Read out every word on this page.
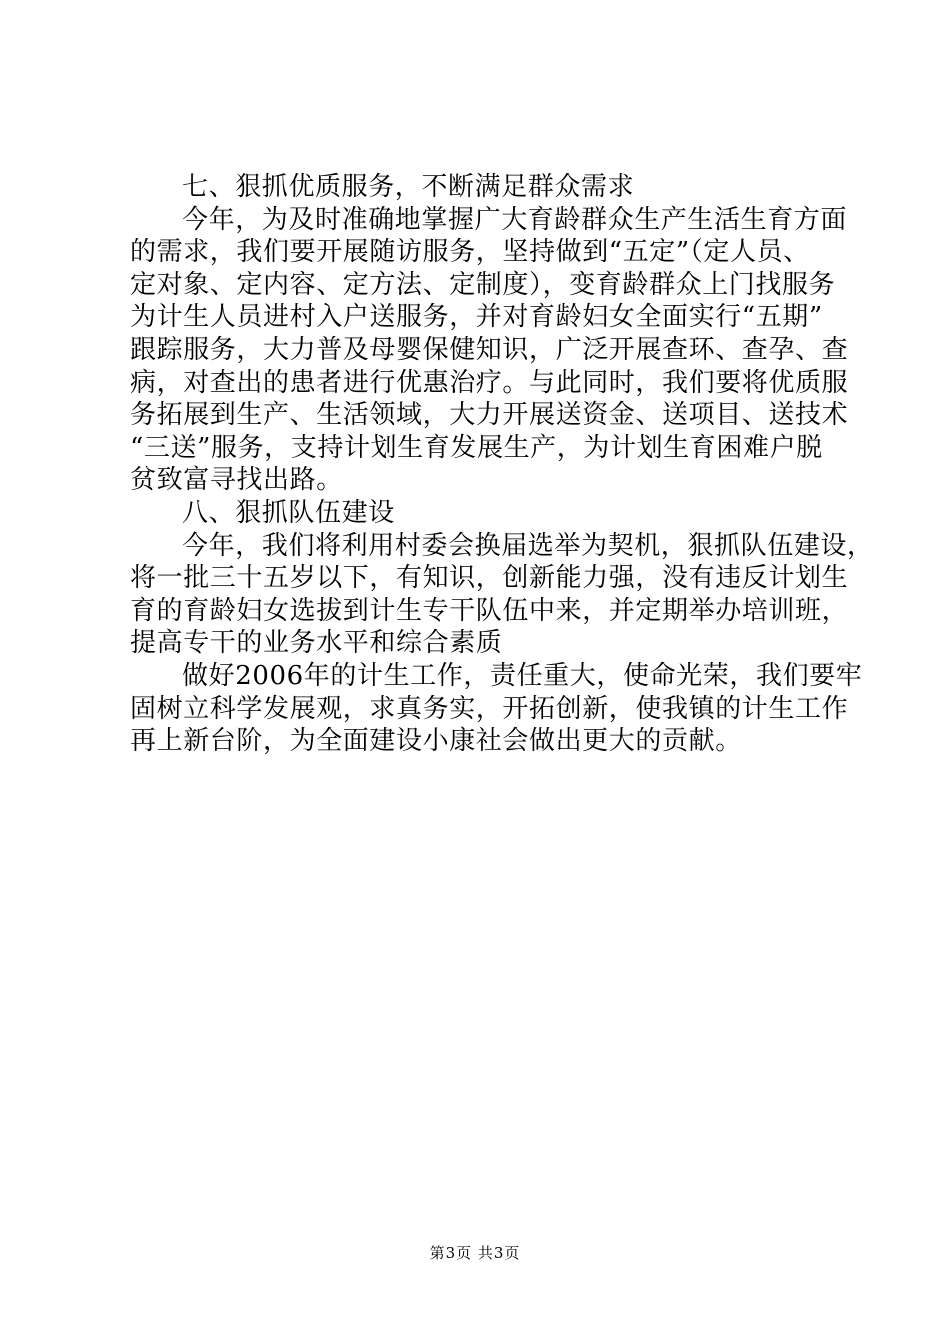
七、狠抓优质服务，不断满足群众需求
今年，为及时准确地掌握广大育龄群众生产生活生育方面
的需求，我们要开展随访服务，坚持做到“五定”（定人员、
定对象、定内容、定方法、定制度），变育龄群众上门找服务
为计生人员进村入户送服务，并对育龄妇女全面实行“五期”
跟踪服务，大力普及母婴保健知识，广泛开展查环、查孕、查
病，对查出的患者进行优惠治疗。与此同时，我们要将优质服
务拓展到生产、生活领域，大力开展送资金、送项目、送技术
“三送”服务，支持计划生育发展生产，为计划生育困难户脱
贫致富寻找出路。
八、狠抓队伍建设
今年，我们将利用村委会换届选举为契机，狠抓队伍建设，
将一批三十五岁以下，有知识，创新能力强，没有违反计划生
育的育龄妇女选拔到计生专干队伍中来，并定期举办培训班，
提高专干的业务水平和综合素质
做好2006年的计生工作，责任重大，使命光荣，我们要牢
固树立科学发展观，求真务实，开拓创新，使我镇的计生工作
再上新台阶，为全面建设小康社会做出更大的贡献。
第3页 共3页
